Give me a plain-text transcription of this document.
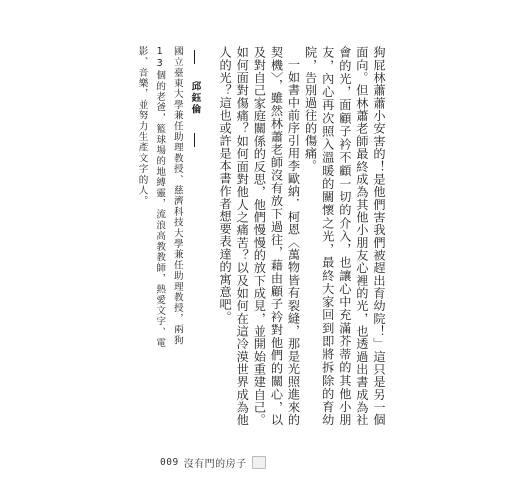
狗屁林蕭蕭小安害的！是他們害我們被趕出育幼院！」這只是另一個面向。但林蕭老師最終成為其他小朋友心裡的光，也透過出書成為社會的光，面顧子衿不顧一切的介入，也讓心中充滿芥蒂的其他小朋友，內心再次照入溫暖的關懷之光，最終大家回到即將拆除的育幼院，告別過往的傷痛。

一如書中前序引用李歐納．柯恩〈萬物皆有裂縫，那是光照進來的契機〉，雖然林蕭老師沒有放下過往，藉由顧子衿對他們的關心，以及對自己家庭關係的反思，他們慢慢的放下成見，並開始重建自己。如何面對傷痛？如何面對他人之痛苦？以及如何在這冷漠世界成為他人的光？這也或許是本書作者想要表達的寓意吧。

邱鈺倫
國立臺東大學兼任助理教授、慈濟科技大學兼任助理教授，兩狗13個的老爸，籃球場的地縛靈，流浪高教教師，熱愛文字、電影、音樂，並努力生產文字的人。
009 沒有門的房子
